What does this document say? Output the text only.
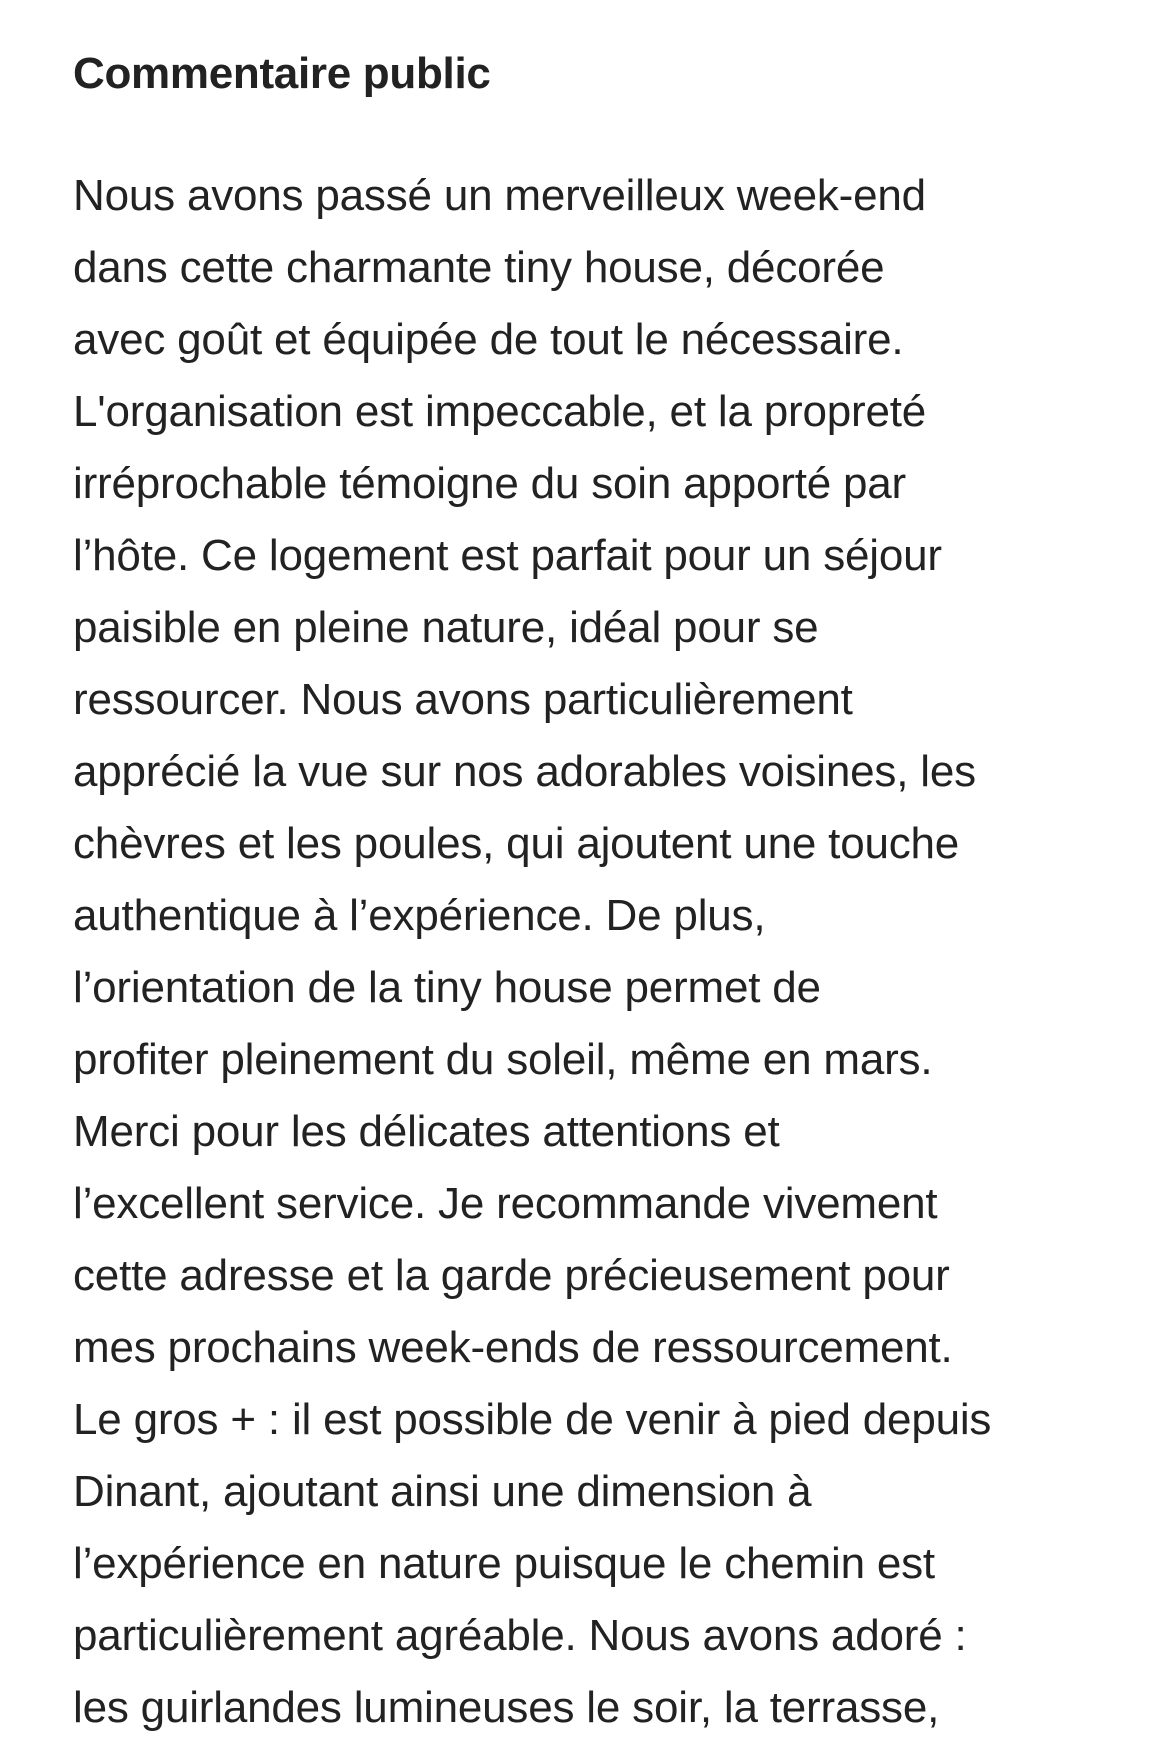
Commentaire public
Nous avons passé un merveilleux week-end
dans cette charmante tiny house, décorée
avec goût et équipée de tout le nécessaire.
L'organisation est impeccable, et la propreté
irréprochable témoigne du soin apporté par
l’hôte. Ce logement est parfait pour un séjour
paisible en pleine nature, idéal pour se
ressourcer. Nous avons particulièrement
apprécié la vue sur nos adorables voisines, les
chèvres et les poules, qui ajoutent une touche
authentique à l’expérience. De plus,
l’orientation de la tiny house permet de
profiter pleinement du soleil, même en mars.
Merci pour les délicates attentions et
l’excellent service. Je recommande vivement
cette adresse et la garde précieusement pour
mes prochains week-ends de ressourcement.
Le gros + : il est possible de venir à pied depuis
Dinant, ajoutant ainsi une dimension à
l’expérience en nature puisque le chemin est
particulièrement agréable. Nous avons adoré :
les guirlandes lumineuses le soir, la terrasse,
